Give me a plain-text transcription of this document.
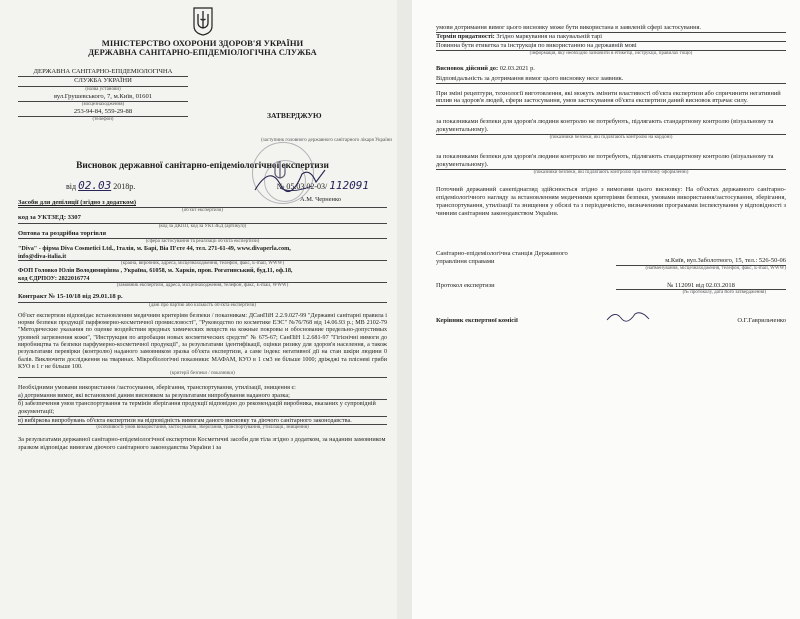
МІНІСТЕРСТВО ОХОРОНИ ЗДОРОВ'Я УКРАЇНИ
ДЕРЖАВНА САНІТАРНО-ЕПІДЕМІОЛОГІЧНА СЛУЖБА
ДЕРЖАВНА САНІТАРНО-ЕПІДЕМІОЛОГІЧНА
СЛУЖБА УКРАЇНИ
(назва установи)
вул.Грушевського, 7, м.Київ, 01601
(місцезнаходження)
253-94-84, 559-29-88
(телефон)	ЗАТВЕРДЖУЮ
(заступник головного державного санітарного лікаря України
А.М. Черненко
Висновок державної санітарно-епідеміологічної експертизи
від 02.03 2018р.	№ 05.03.02-03/ 112091
Засоби для депіляції (згідно з додатком)
(об'єкт експертизи)
код за УКТЗЕД: 3307
(код за ДКПП, код за УКТЗЕД (артикул))
Оптова та роздрібна торгівля
(сфера застосування та реалізації об'єкта експертизи)
"Diva" - фірма Diva Cosmetici Ltd., Італія, м. Барі, Віа П'єте 44, тел. 271-61-49, www.divaperla.com,
info@diva-italia.it
(країна, виробник, адреса, місцезнаходження, телефон, факс, E-mail, WWW)
ФОП Головко Юлія Володимирівна , Україна, 61058, м. Харків, пров. Рогатинський, буд.11, оф.18,
код ЄДРПОУ: 2822016774
(замовник експертизи, адреса, місцезнаходження, телефон, факс, E-mail, WWW)
Контракт № 15-10/18 від 29.01.18 р.
(дані про партію або кількість об'єкта експертизи)

Об'єкт експертизи відповідає встановленим медичним критеріям безпеки / показникам: ДСанПіН 2.2.9.027-99 "Державні санітарні правила і норми безпеки продукції парфюмерно-косметичної промисловості", "Руководство по косметике ЕЭС" №76/768 від 14.06.93 р.; МВ 2102-79 "Методические указания по оценке воздействия вредных химических веществ на кожные покровы и обоснование предельно-допустимых уровней загрязнения кожи", "Инструкция по апробации новых косметических средств" № 675-67; СанПіН 1.2.681-97 "Гігієнічні вимоги до виробництва та безпеки парфумерно-косметичної продукції", за результатами ідентифікації, оцінки ризику для здоров'я населення, а також результатами перевірки (контролю) наданого замовником зразка об'єкта експертизи, а саме індекс негативної дії на стан шкіри людини 0 балів. Виключити дослідження на тваринах. Мікробіологічні показники: МАФАМ, КУО в 1 см3 не більше 1000; дріжджі та плісневі гриби КУО в 1 г не більше 100.

(критерії безпеки / показники)

Необхідними умовами використання /застосування, зберігання, транспортування, утилізації, знищення є:

а) дотримання вимог, які встановлені даним висновком за результатами випробування наданого зразка;

б) забезпечення умов транспортування та термінів зберігання продукції відповідно до рекомендацій виробника, вказаних у супровідній документації;

в) вибіркова випробувань об'єкта експертизи на відповідність вимогам даного висновку та діючого санітарного законодавства.

(особливості умов використання, застосування, зберігання, транспортування, утилізації, знищення)

За результатами державної санітарно-епідеміологічної експертизи Косметичні засоби для тіла згідно з додатком, за наданим замовником зразком відповідає вимогам діючого санітарного законодавства України і за

умови дотримання вимог цього висновку може бути використана в заявленій сфері застосування.

Термін придатності: Згідно маркування на пакувальній тарі

Повинна бути етикетка та інструкція по використанню на державній мові

(інформація, яку необхідно зазначити в етикетці, інструкції, правилах тощо)

Висновок дійсний до: 02.03.2021 р.

Відповідальність за дотримання вимог цього висновку несе заявник.

При зміні рецептури, технології виготовлення, які можуть змінити властивості об'єкта експертизи або спричинити негативний вплив на здоров'я людей, сфери застосування, умов застосування об'єкта експертизи даний висновок втрачає силу.

за показниками безпеки для здоров'я людини контролю не потребують, підлягають стандартному контролю (візуальному та документальному).

(показники безпеки, які підлягають контролю на кордоні)

за показниками безпеки для здоров'я людини контролю не потребують, підлягають стандартному контролю (візуальному та документальному).

(показники безпеки, які підлягають контролю при митному оформленні)

Поточний державний санепіднагляд здійснюється згідно з вимогами цього висновку: На об'єктах державного санітарно-епідеміологічного нагляду за встановленням медичними критеріями безпеки, умовами використання/застосування, зберігання, транспортування, утилізації та знищення у обсязі та з періодичністю, визначеними програмами інспектування у відповідності з чинним санітарним законодавством України.

Санітарно-епідеміологічна станція Державного управління справами	м.Київ, вул.Заболотного, 15, тел.: 526-50-06
(найменування, місцезнаходження, телефон, факс, E-mail, WWW)
Протокол експертизи	№ 112091 від 02.03.2018
(№ протоколу, дата його затвердження)
Керівник експертної комісії	О.Г.Гаврильченко
